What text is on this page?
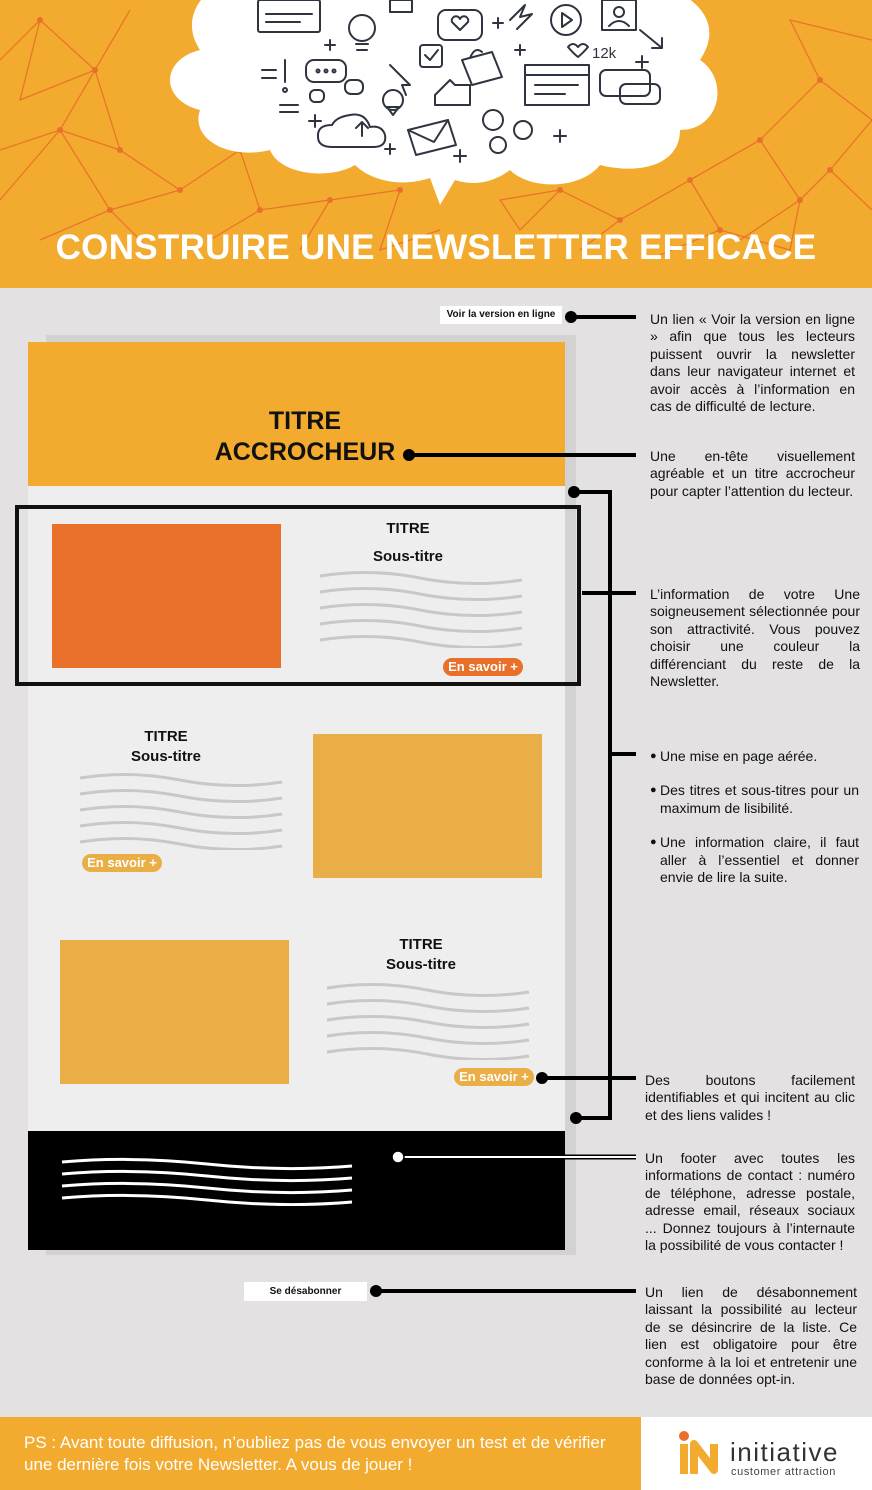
12k
CONSTRUIRE UNE NEWSLETTER EFFICACE
TITRE
ACCROCHEUR
Voir la version en ligne
TITRE
Sous-titre
En savoir +
TITRE
Sous-titre
En savoir +
TITRE
Sous-titre
En savoir +
Se désabonner
Un lien « Voir la version en ligne » afin que tous les lecteurs puissent ouvrir la newsletter dans leur navigateur internet et avoir accès à l’information en cas de difficulté de lecture.
Une en-tête visuellement agréable et un titre accrocheur pour capter l’attention du lecteur.
L’information de votre Une soigneusement sélectionnée pour son attractivité. Vous pouvez choisir une couleur la différenciant du reste de la Newsletter.
● Une mise en page aérée.
● Des titres et sous-titres pour un maximum de lisibilité.
● Une information claire, il faut aller à l’essentiel et donner envie de lire la suite.
Des boutons facilement identifiables et qui incitent au clic et des liens valides !
Un footer avec toutes les informations de contact : numéro de téléphone, adresse postale, adresse email, réseaux sociaux ... Donnez toujours à l’internaute la possibilité de vous contacter !
Un lien de désabonnement laissant la possibilité au lecteur de se désincrire de la liste. Ce lien est obligatoire pour être conforme à la loi et entretenir une base de données opt-in.
PS : Avant toute diffusion, n’oubliez pas de vous envoyer un test et de vérifier une dernière fois votre Newsletter. A vous de jouer !	initiative
customer attraction
